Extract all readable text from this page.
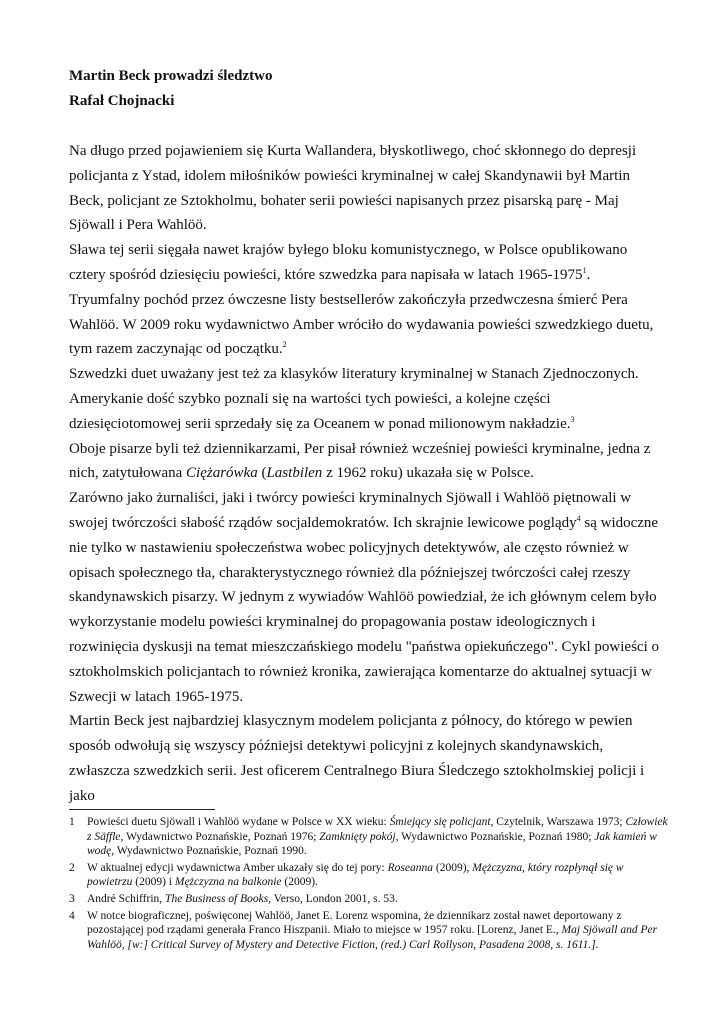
Martin Beck prowadzi śledztwo

Rafał Chojnacki

Na długo przed pojawieniem się Kurta Wallandera, błyskotliwego, choć skłonnego do depresji policjanta z Ystad, idolem miłośników powieści kryminalnej w całej Skandynawii był Martin Beck, policjant ze Sztokholmu, bohater serii powieści napisanych przez pisarską parę - Maj Sjöwall i Pera Wahlöö.

Sława tej serii sięgała nawet krajów byłego bloku komunistycznego, w Polsce opublikowano cztery spośród dziesięciu powieści, które szwedzka para napisała w latach 1965-1975$^1$.

Tryumfalny pochód przez ówczesne listy bestsellerów zakończyła przedwczesna śmierć Pera Wahlöö. W 2009 roku wydawnictwo Amber wróciło do wydawania powieści szwedzkiego duetu, tym razem zaczynając od początku.$^2$

Szwedzki duet uważany jest też za klasyków literatury kryminalnej w Stanach Zjednoczonych. Amerykanie dość szybko poznali się na wartości tych powieści, a kolejne części dziesięciotomowej serii sprzedały się za Oceanem w ponad milionowym nakładzie.$^3$

Oboje pisarze byli też dziennikarzami, Per pisał również wcześniej powieści kryminalne, jedna z nich, zatytułowana Ciężarówka (Lastbilen z 1962 roku) ukazała się w Polsce.

Zarówno jako żurnaliści, jaki i twórcy powieści kryminalnych Sjöwall i Wahlöö piętnowali w swojej twórczości słabość rządów socjaldemokratów. Ich skrajnie lewicowe poglądy$^4$ są widoczne nie tylko w nastawieniu społeczeństwa wobec policyjnych detektywów, ale często również w opisach społecznego tła, charakterystycznego również dla późniejszej twórczości całej rzeszy skandynawskich pisarzy. W jednym z wywiadów Wahlöö powiedział, że ich głównym celem było wykorzystanie modelu powieści kryminalnej do propagowania postaw ideologicznych i rozwinięcia dyskusji na temat mieszczańskiego modelu "państwa opiekuńczego". Cykl powieści o sztokholmskich policjantach to również kronika, zawierająca komentarze do aktualnej sytuacji w Szwecji w latach 1965-1975.

Martin Beck jest najbardziej klasycznym modelem policjanta z północy, do którego w pewien sposób odwołują się wszyscy późniejsi detektywi policyjni z kolejnych skandynawskich, zwłaszcza szwedzkich serii. Jest oficerem Centralnego Biura Śledczego sztokholmskiej policji i jako

1	Powieści duetu Sjöwall i Wahlöö wydane w Polsce w XX wieku: Śmiejący się policjant, Czytelnik, Warszawa 1973; Człowiek z Säffle, Wydawnictwo Poznańskie, Poznań 1976; Zamknięty pokój, Wydawnictwo Poznańskie, Poznań 1980; Jak kamień w wodę, Wydawnictwo Poznańskie, Poznań 1990.
2	W aktualnej edycji wydawnictwa Amber ukazały się do tej pory: Roseanna (2009), Mężczyzna, który rozpłynął się w powietrzu (2009) i Mężczyzna na balkonie (2009).
3	André Schiffrin, The Business of Books, Verso, London 2001, s. 53.
4	W notce biograficznej, poświęconej Wahlöö, Janet E. Lorenz wspomina, że dziennikarz został nawet deportowany z pozostającej pod rządami generała Franco Hiszpanii. Miało to miejsce w 1957 roku. [Lorenz, Janet E., Maj Sjöwall and Per Wahlöö, [w:] Critical Survey of Mystery and Detective Fiction, (red.) Carl Rollyson, Pasadena 2008, s. 1611.].
